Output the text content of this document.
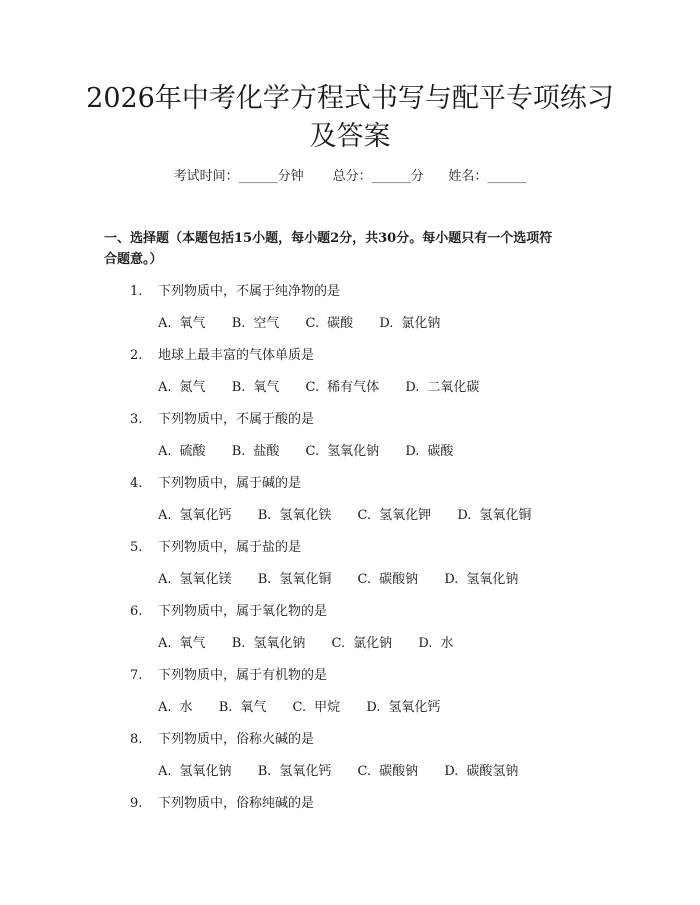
2026年中考化学方程式书写与配平专项练习
及答案
考试时间：______分钟 总分：______分 姓名：______
一、选择题（本题包括15小题，每小题2分，共30分。每小题只有一个选项符
合题意。）
1. 下列物质中，不属于纯净物的是
A. 氧气 B. 空气 C. 碳酸 D. 氯化钠
2. 地球上最丰富的气体单质是
A. 氮气 B. 氧气 C. 稀有气体 D. 二氧化碳
3. 下列物质中，不属于酸的是
A. 硫酸 B. 盐酸 C. 氢氧化钠 D. 碳酸
4. 下列物质中，属于碱的是
A. 氢氧化钙 B. 氢氧化铁 C. 氢氧化钾 D. 氢氧化铜
5. 下列物质中，属于盐的是
A. 氢氧化镁 B. 氢氧化铜 C. 碳酸钠 D. 氢氧化钠
6. 下列物质中，属于氧化物的是
A. 氧气 B. 氢氧化钠 C. 氯化钠 D. 水
7. 下列物质中，属于有机物的是
A. 水 B. 氧气 C. 甲烷 D. 氢氧化钙
8. 下列物质中，俗称火碱的是
A. 氢氧化钠 B. 氢氧化钙 C. 碳酸钠 D. 碳酸氢钠
9. 下列物质中，俗称纯碱的是
